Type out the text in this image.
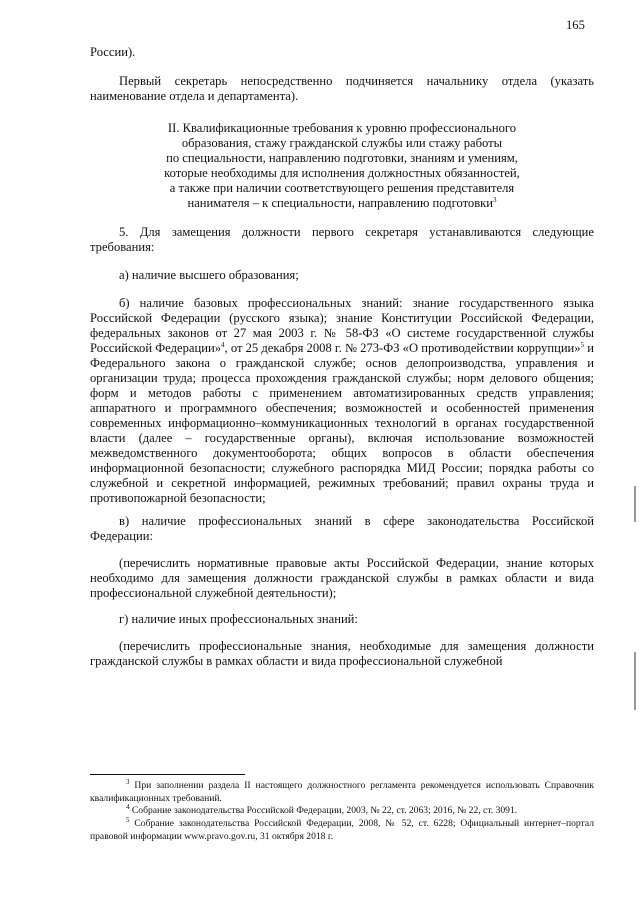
165

России).

Первый секретарь непосредственно подчиняется начальнику отдела (указать наименование отдела и департамента).

II. Квалификационные требования к уровню профессионального
образования, стажу гражданской службы или стажу работы
по специальности, направлению подготовки, знаниям и умениям,
которые необходимы для исполнения должностных обязанностей,
а также при наличии соответствующего решения представителя
нанимателя – к специальности, направлению подготовки$^3$

5. Для замещения должности первого секретаря устанавливаются следующие требования:

а) наличие высшего образования;

б) наличие базовых профессиональных знаний: знание государственного языка Российской Федерации (русского языка); знание Конституции Российской Федерации, федеральных законов от 27 мая 2003 г. № 58-ФЗ «О системе государственной службы Российской Федерации»$^4$, от 25 декабря 2008 г. № 273-ФЗ «О противодействии коррупции»$^5$ и Федерального закона о гражданской службе; основ делопроизводства, управления и организации труда; процесса прохождения гражданской службы; норм делового общения; форм и методов работы с применением автоматизированных средств управления; аппаратного и программного обеспечения; возможностей и особенностей применения современных информационно–коммуникационных технологий в органах государственной власти (далее – государственные органы), включая использование возможностей межведомственного документооборота; общих вопросов в области обеспечения информационной безопасности; служебного распорядка МИД России; порядка работы со служебной и секретной информацией, режимных требований; правил охраны труда и противопожарной безопасности;

в) наличие профессиональных знаний в сфере законодательства Российской Федерации:

(перечислить нормативные правовые акты Российской Федерации, знание которых необходимо для замещения должности гражданской службы в рамках области и вида профессиональной служебной деятельности);

г) наличие иных профессиональных знаний:

(перечислить профессиональные знания, необходимые для замещения должности гражданской службы в рамках области и вида профессиональной служебной

$^3$ При заполнении раздела II настоящего должностного регламента рекомендуется использовать Справочник квалификационных требований.

$^4$ Собрание законодательства Российской Федерации, 2003, № 22, ст. 2063; 2016, № 22, ст. 3091.

$^5$ Собрание законодательства Российской Федерации, 2008, № 52, ст. 6228; Официальный интернет–портал правовой информации www.pravo.gov.ru, 31 октября 2018 г.
